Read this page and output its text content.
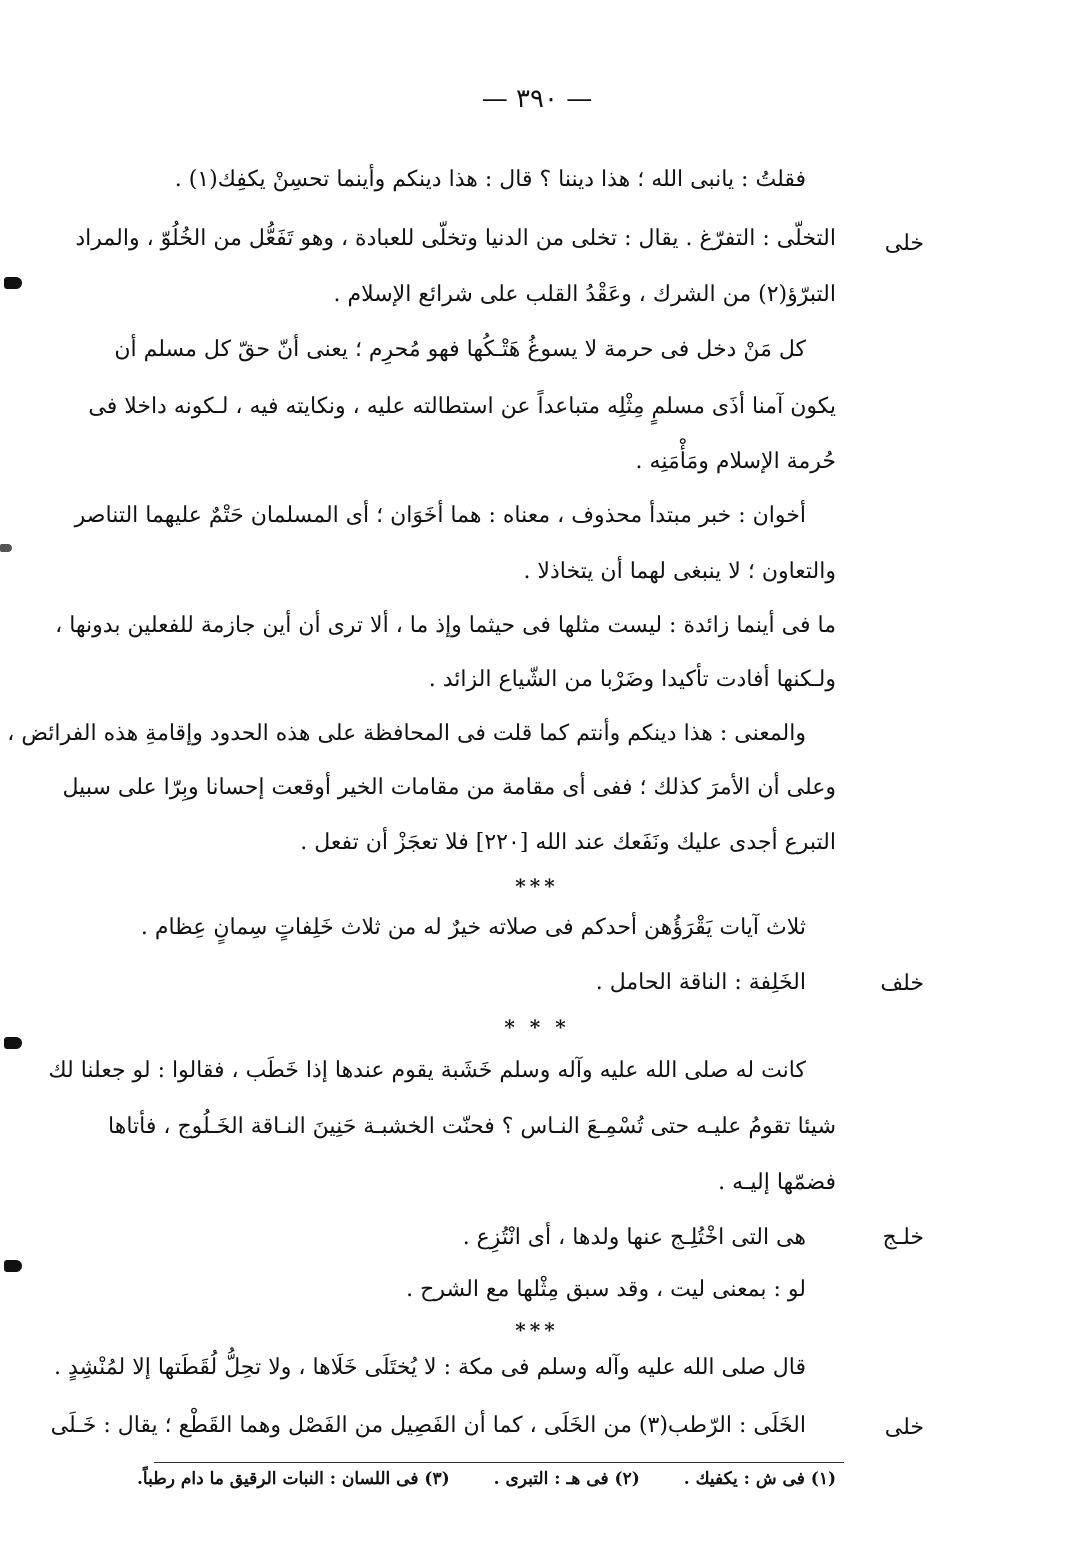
— ٣٩٠ —
خلى
خلف
خلـج
خلى
فقلتُ : يانبى الله ؛ هذا ديننا ؟ قال : هذا دينكم وأينما تحسِنْ يكفِك(١) .
التخلّى : التفرّغ . يقال : تخلى من الدنيا وتخلّى للعبادة ، وهو تَفَعُّل من الخُلُوّ ، والمراد
التبرّؤ(٢) من الشرك ، وعَقْدُ القلب على شرائع الإسلام .
كل مَنْ دخل فى حرمة لا يسوغُ هَتْـكُها فهو مُحرِم ؛ يعنى أنّ حقّ كل مسلم أن
يكون آمنا أذَى مسلمٍ مِثْلِه متباعداً عن استطالته عليه ، ونكايته فيه ، لـكونه داخلا فى
حُرمة الإسلام ومَأْمَنِه .
أخوان : خبر مبتدأ محذوف ، معناه : هما أخَوَان ؛ أى المسلمان حَتْمٌ عليهما التناصر
والتعاون ؛ لا ينبغى لهما أن يتخاذلا .
ما فى أينما زائدة : ليست مثلها فى حيثما وإذ ما ، ألا ترى أن أين جازمة للفعلين بدونها ،
ولـكنها أفادت تأكيدا وضَرْبا من الشّياع الزائد .
والمعنى : هذا دينكم وأنتم كما قلت فى المحافظة على هذه الحدود وإقامةِ هذه الفرائض ،
وعلى أن الأمرَ كذلك ؛ ففى أى مقامة من مقامات الخير أوقعت إحسانا وبِرّا على سبيل
التبرع أجدى عليك ونَفَعك عند الله [٢٢٠] فلا تعجَزْ أن تفعل .
***
ثلاث آيات يَقْرَؤُهن أحدكم فى صلاته خيرٌ له من ثلاث خَلِفاتٍ سِمانٍ عِظام .
الخَلِفة : الناقة الحامل .
* * *
كانت له صلى الله عليه وآله وسلم خَشَبة يقوم عندها إذا خَطَب ، فقالوا : لو جعلنا لك
شيئا تقومُ عليـه حتى تُسْمِـعَ النـاس ؟ فحنّت الخشبـة حَنِينَ النـاقة الخَـلُوج ، فأتاها
فضمّها إليـه .
هى التى اخْتُلِـج عنها ولدها ، أى انْتُزِع .
لو : بمعنى ليت ، وقد سبق مِثْلها مع الشرح .
***
قال صلى الله عليه وآله وسلم فى مكة : لا يُختَلَى خَلَاها ، ولا تحِلُّ لُقَطَتها إلا لمُنْشِدٍ .
الخَلَى : الرّطب(٣) من الخَلَى ، كما أن الفَصِيل من الفَصْل وهما القَطْع ؛ يقال : خَـلَى
(١) فى ش : يكفيك .
(٢) فى هـ : التبرى .
(٣) فى اللسان : النبات الرقيق ما دام رطباً.
